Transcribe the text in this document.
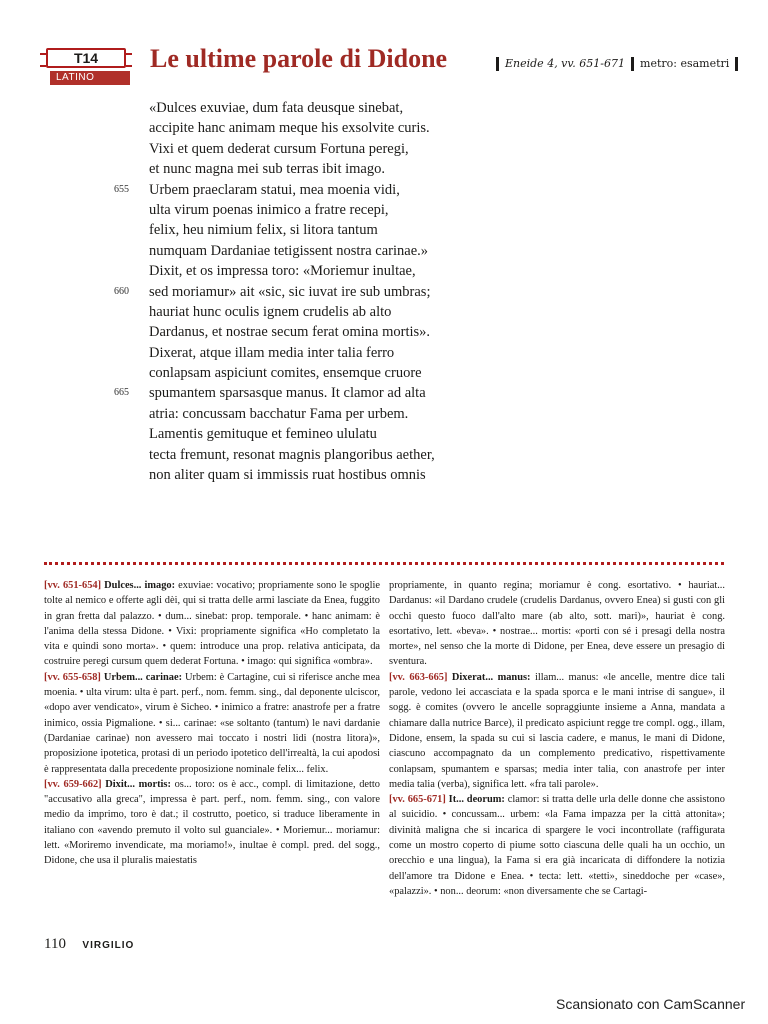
T14
LATINO
Le ultime parole di Didone	Eneide 4, vv. 651-671 metro: esametri
«Dulces exuviae, dum fata deusque sinebat,
accipite hanc animam meque his exsolvite curis.
Vixi et quem dederat cursum Fortuna peregi,
et nunc magna mei sub terras ibit imago.
655	Urbem praeclaram statui, mea moenia vidi,
ulta virum poenas inimico a fratre recepi,
felix, heu nimium felix, si litora tantum
numquam Dardaniae tetigissent nostra carinae.»
Dixit, et os impressa toro: «Moriemur inultae,
660	sed moriamur» ait «sic, sic iuvat ire sub umbras;
hauriat hunc oculis ignem crudelis ab alto
Dardanus, et nostrae secum ferat omina mortis».
Dixerat, atque illam media inter talia ferro
conlapsam aspiciunt comites, ensemque cruore
665	spumantem sparsasque manus. It clamor ad alta
atria: concussam bacchatur Fama per urbem.
Lamentis gemituque et femineo ululatu
tecta fremunt, resonat magnis plangoribus aether,
non aliter quam si immissis ruat hostibus omnis

[vv. 651-654] Dulces... imago: exuviae: vocativo; propriamente sono le spoglie tolte al nemico e offerte agli dèi, qui si tratta delle armi lasciate da Enea, fuggito in gran fretta dal palazzo. • dum... sinebat: prop. temporale. • hanc animam: è l'anima della stessa Didone. • Vixi: propriamente significa «Ho completato la vita e quindi sono morta». • quem: introduce una prop. relativa anticipata, da costruire peregi cursum quem dederat Fortuna. • imago: qui significa «ombra».

[vv. 655-658] Urbem... carinae: Urbem: è Cartagine, cui si riferisce anche mea moenia. • ulta virum: ulta è part. perf., nom. femm. sing., dal deponente ulciscor, «dopo aver vendicato», virum è Sicheo. • inimico a fratre: anastrofe per a fratre inimico, ossia Pigmalione. • si... carinae: «se soltanto (tantum) le navi dardanie (Dardaniae carinae) non avessero mai toccato i nostri lidi (nostra litora)», proposizione ipotetica, protasi di un periodo ipotetico dell'irrealtà, la cui apodosi è rappresentata dalla precedente proposizione nominale felix... felix.

[vv. 659-662] Dixit... mortis: os... toro: os è acc., compl. di limitazione, detto "accusativo alla greca", impressa è part. perf., nom. femm. sing., con valore medio da imprimo, toro è dat.; il costrutto, poetico, si traduce liberamente in italiano con «avendo premuto il volto sul guanciale». • Moriemur... moriamur: lett. «Moriremo invendicate, ma moriamo!», inultae è compl. pred. del sogg., Didone, che usa il pluralis maiestatis

propriamente, in quanto regina; moriamur è cong. esortativo. • hauriat... Dardanus: «il Dardano crudele (crudelis Dardanus, ovvero Enea) si gusti con gli occhi questo fuoco dall'alto mare (ab alto, sott. mari)», hauriat è cong. esortativo, lett. «beva». • nostrae... mortis: «porti con sé i presagi della nostra morte», nel senso che la morte di Didone, per Enea, deve essere un presagio di sventura.

[vv. 663-665] Dixerat... manus: illam... manus: «le ancelle, mentre dice tali parole, vedono lei accasciata e la spada sporca e le mani intrise di sangue», il sogg. è comites (ovvero le ancelle sopraggiunte insieme a Anna, mandata a chiamare dalla nutrice Barce), il predicato aspiciunt regge tre compl. ogg., illam, Didone, ensem, la spada su cui si lascia cadere, e manus, le mani di Didone, ciascuno accompagnato da un complemento predicativo, rispettivamente conlapsam, spumantem e sparsas; media inter talia, con anastrofe per inter media talia (verba), significa lett. «fra tali parole».

[vv. 665-671] It... deorum: clamor: si tratta delle urla delle donne che assistono al suicidio. • concussam... urbem: «la Fama impazza per la città attonita»; divinità maligna che si incarica di spargere le voci incontrollate (raffigurata come un mostro coperto di piume sotto ciascuna delle quali ha un occhio, un orecchio e una lingua), la Fama si era già incaricata di diffondere la notizia dell'amore tra Didone e Enea. • tecta: lett. «tetti», sineddoche per «case», «palazzi». • non... deorum: «non diversamente che se Cartagi-

110 VIRGILIO
Scansionato con CamScanner
